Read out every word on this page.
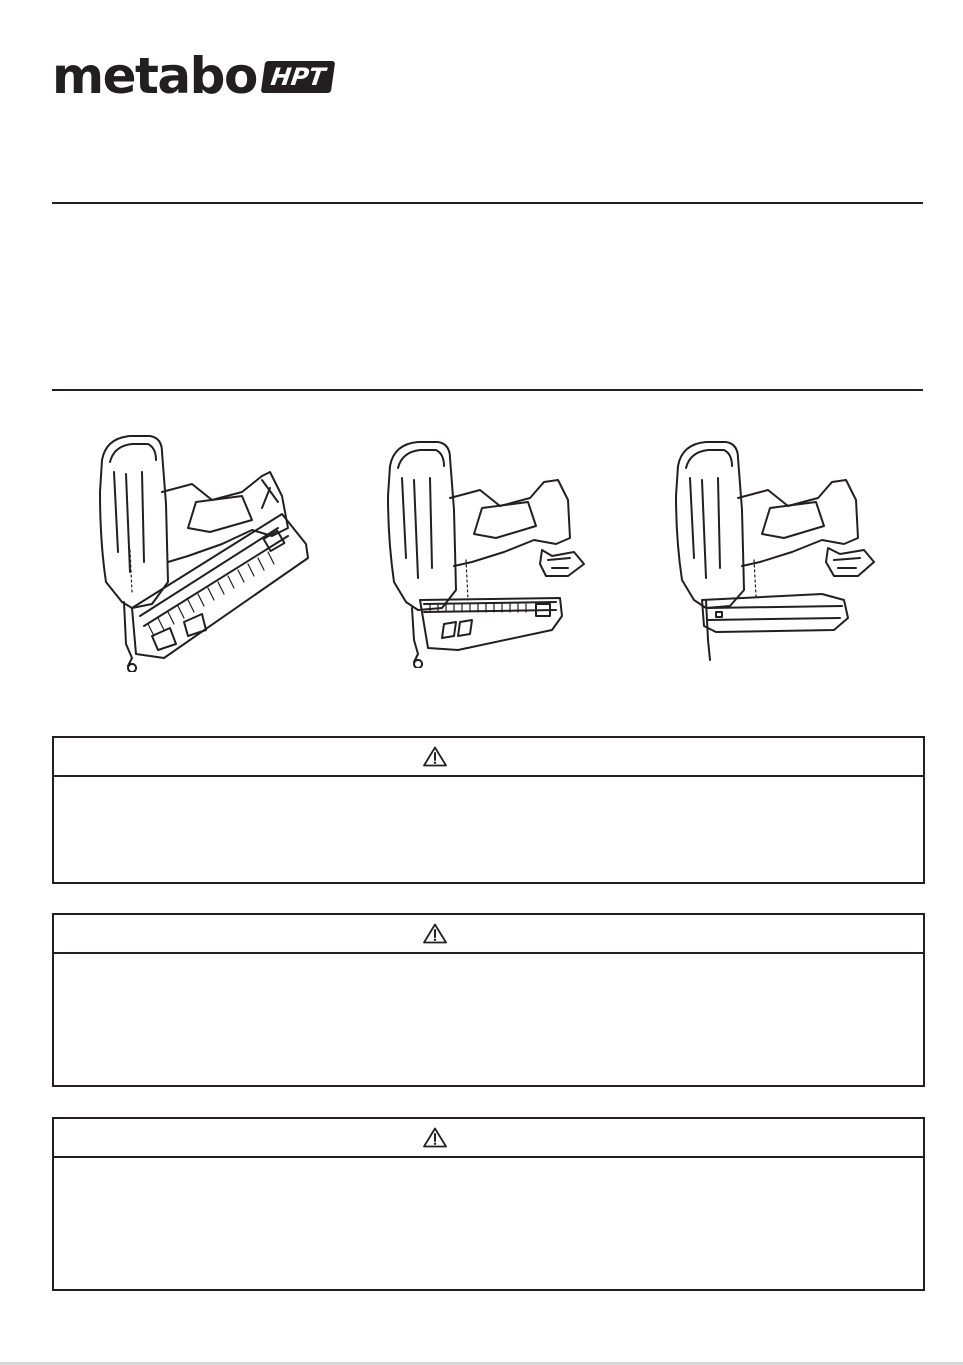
metabo HPT
